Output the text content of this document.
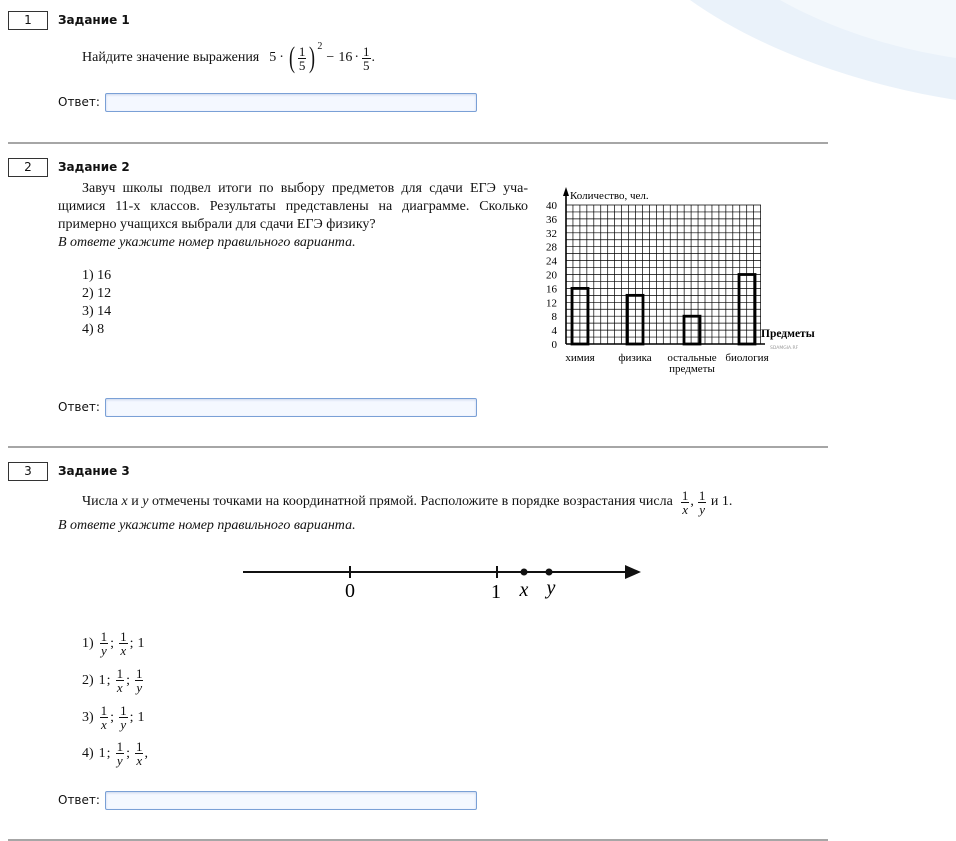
1	Задание 1
Найдите значение выражения 5 · ( $\frac{1}{5}$ ) 2
− $16 \cdot \frac{1}{5}$ .
Ответ:
2	Задание 2
Завуч школы подвел итоги по выбору предметов для сдачи ЕГЭ уча-
щимися 11-х классов. Результаты представлены на диаграмме. Сколько
примерно учащихся выбрали для сдачи ЕГЭ физику?
В ответе укажите номер правильного варианта.
1) 16
2) 12
3) 14
4) 8
0
4
8
12
16
20
24
28
32
36
40
химия физика остальные
предметы
биология
Количество, чел.
Предметы
SDAMGIA.RF
Ответ:
3	Задание 3
Числа
x
и
y
отмечены точками на координатной прямой. Расположите в порядке возрастания числа $\frac{1}{x}$ , $\frac{1}{y}$
и 1.
В ответе укажите номер правильного варианта.
0	1 x y
$1) \frac{1}{y}$ ; $\frac{1}{x}$ ; 1
2) 1 ; $\frac{1}{x}$ ; $\frac{1}{y}$
$3) \frac{1}{x}$ ; $\frac{1}{y}$ ; 1
4) 1 ; $\frac{1}{y}$ ; $\frac{1}{x}$ ,
Ответ:
